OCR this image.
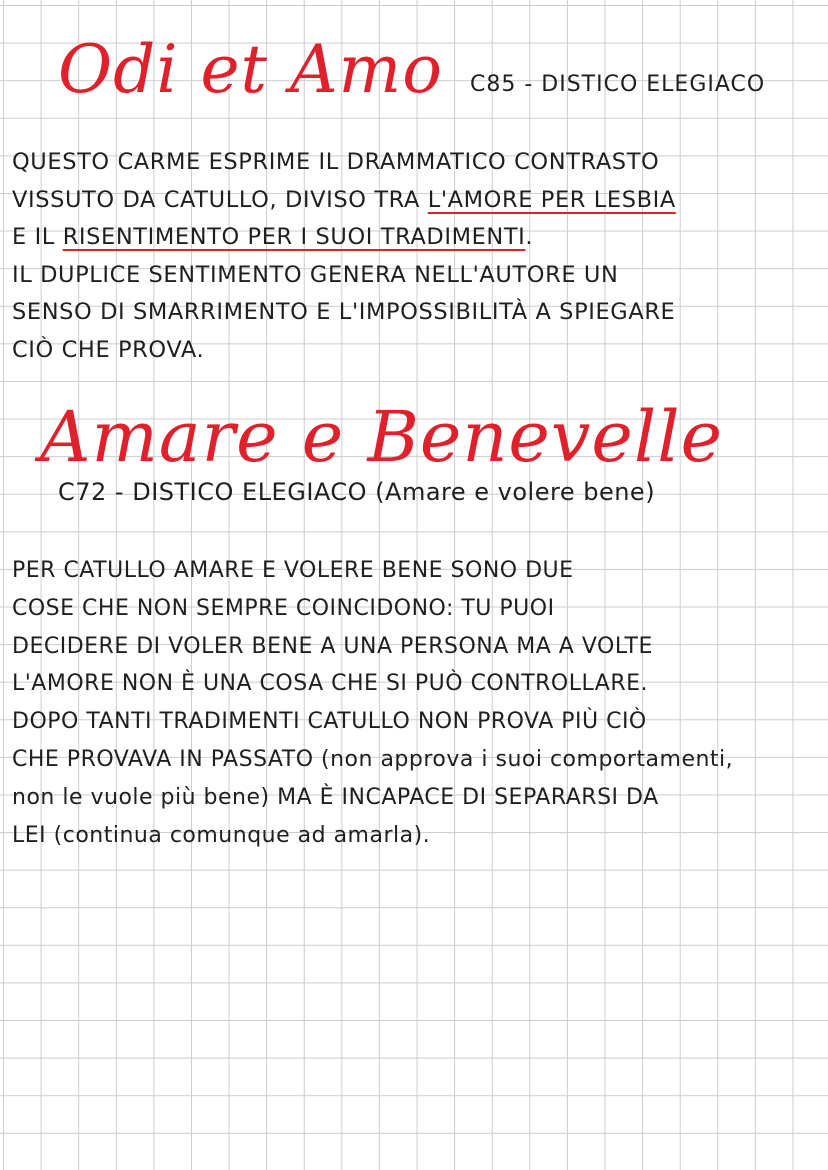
Odi et Amo C85 - DISTICO ELEGIACO
QUESTO CARME ESPRIME IL DRAMMATICO CONTRASTO
VISSUTO DA CATULLO, DIVISO TRA L'AMORE PER LESBIA
E IL RISENTIMENTO PER I SUOI TRADIMENTI.
IL DUPLICE SENTIMENTO GENERA NELL'AUTORE UN
SENSO DI SMARRIMENTO E L'IMPOSSIBILITÀ A SPIEGARE
CIÒ CHE PROVA.
Amare e Benevelle
C72 - DISTICO ELEGIACO (Amare e volere bene)
PER CATULLO AMARE E VOLERE BENE SONO DUE
COSE CHE NON SEMPRE COINCIDONO: TU PUOI
DECIDERE DI VOLER BENE A UNA PERSONA MA A VOLTE
L'AMORE NON È UNA COSA CHE SI PUÒ CONTROLLARE.
DOPO TANTI TRADIMENTI CATULLO NON PROVA PIÙ CIÒ
CHE PROVAVA IN PASSATO (non approva i suoi comportamenti,
non le vuole più bene) MA È INCAPACE DI SEPARARSI DA
LEI (continua comunque ad amarla).
